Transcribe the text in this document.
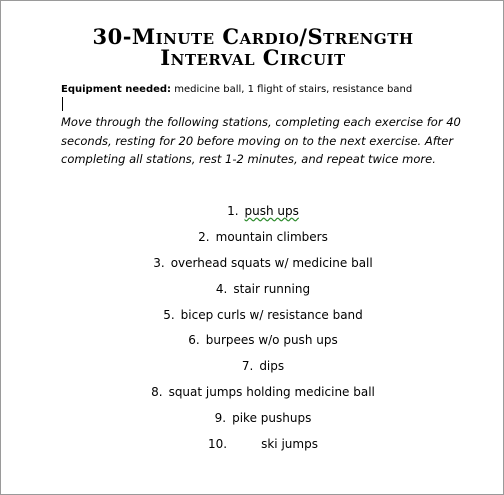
30-Minute Cardio/Strength
Interval Circuit
Equipment needed: medicine ball, 1 flight of stairs, resistance band
Move through the following stations, completing each exercise for 40 seconds, resting for 20 before moving on to the next exercise. After completing all stations, rest 1-2 minutes, and repeat twice more.
1. push ups
2. mountain climbers
3. overhead squats w/ medicine ball
4. stair running
5. bicep curls w/ resistance band
6. burpees w/o push ups
7. dips
8. squat jumps holding medicine ball
9. pike pushups
10.	ski jumps
